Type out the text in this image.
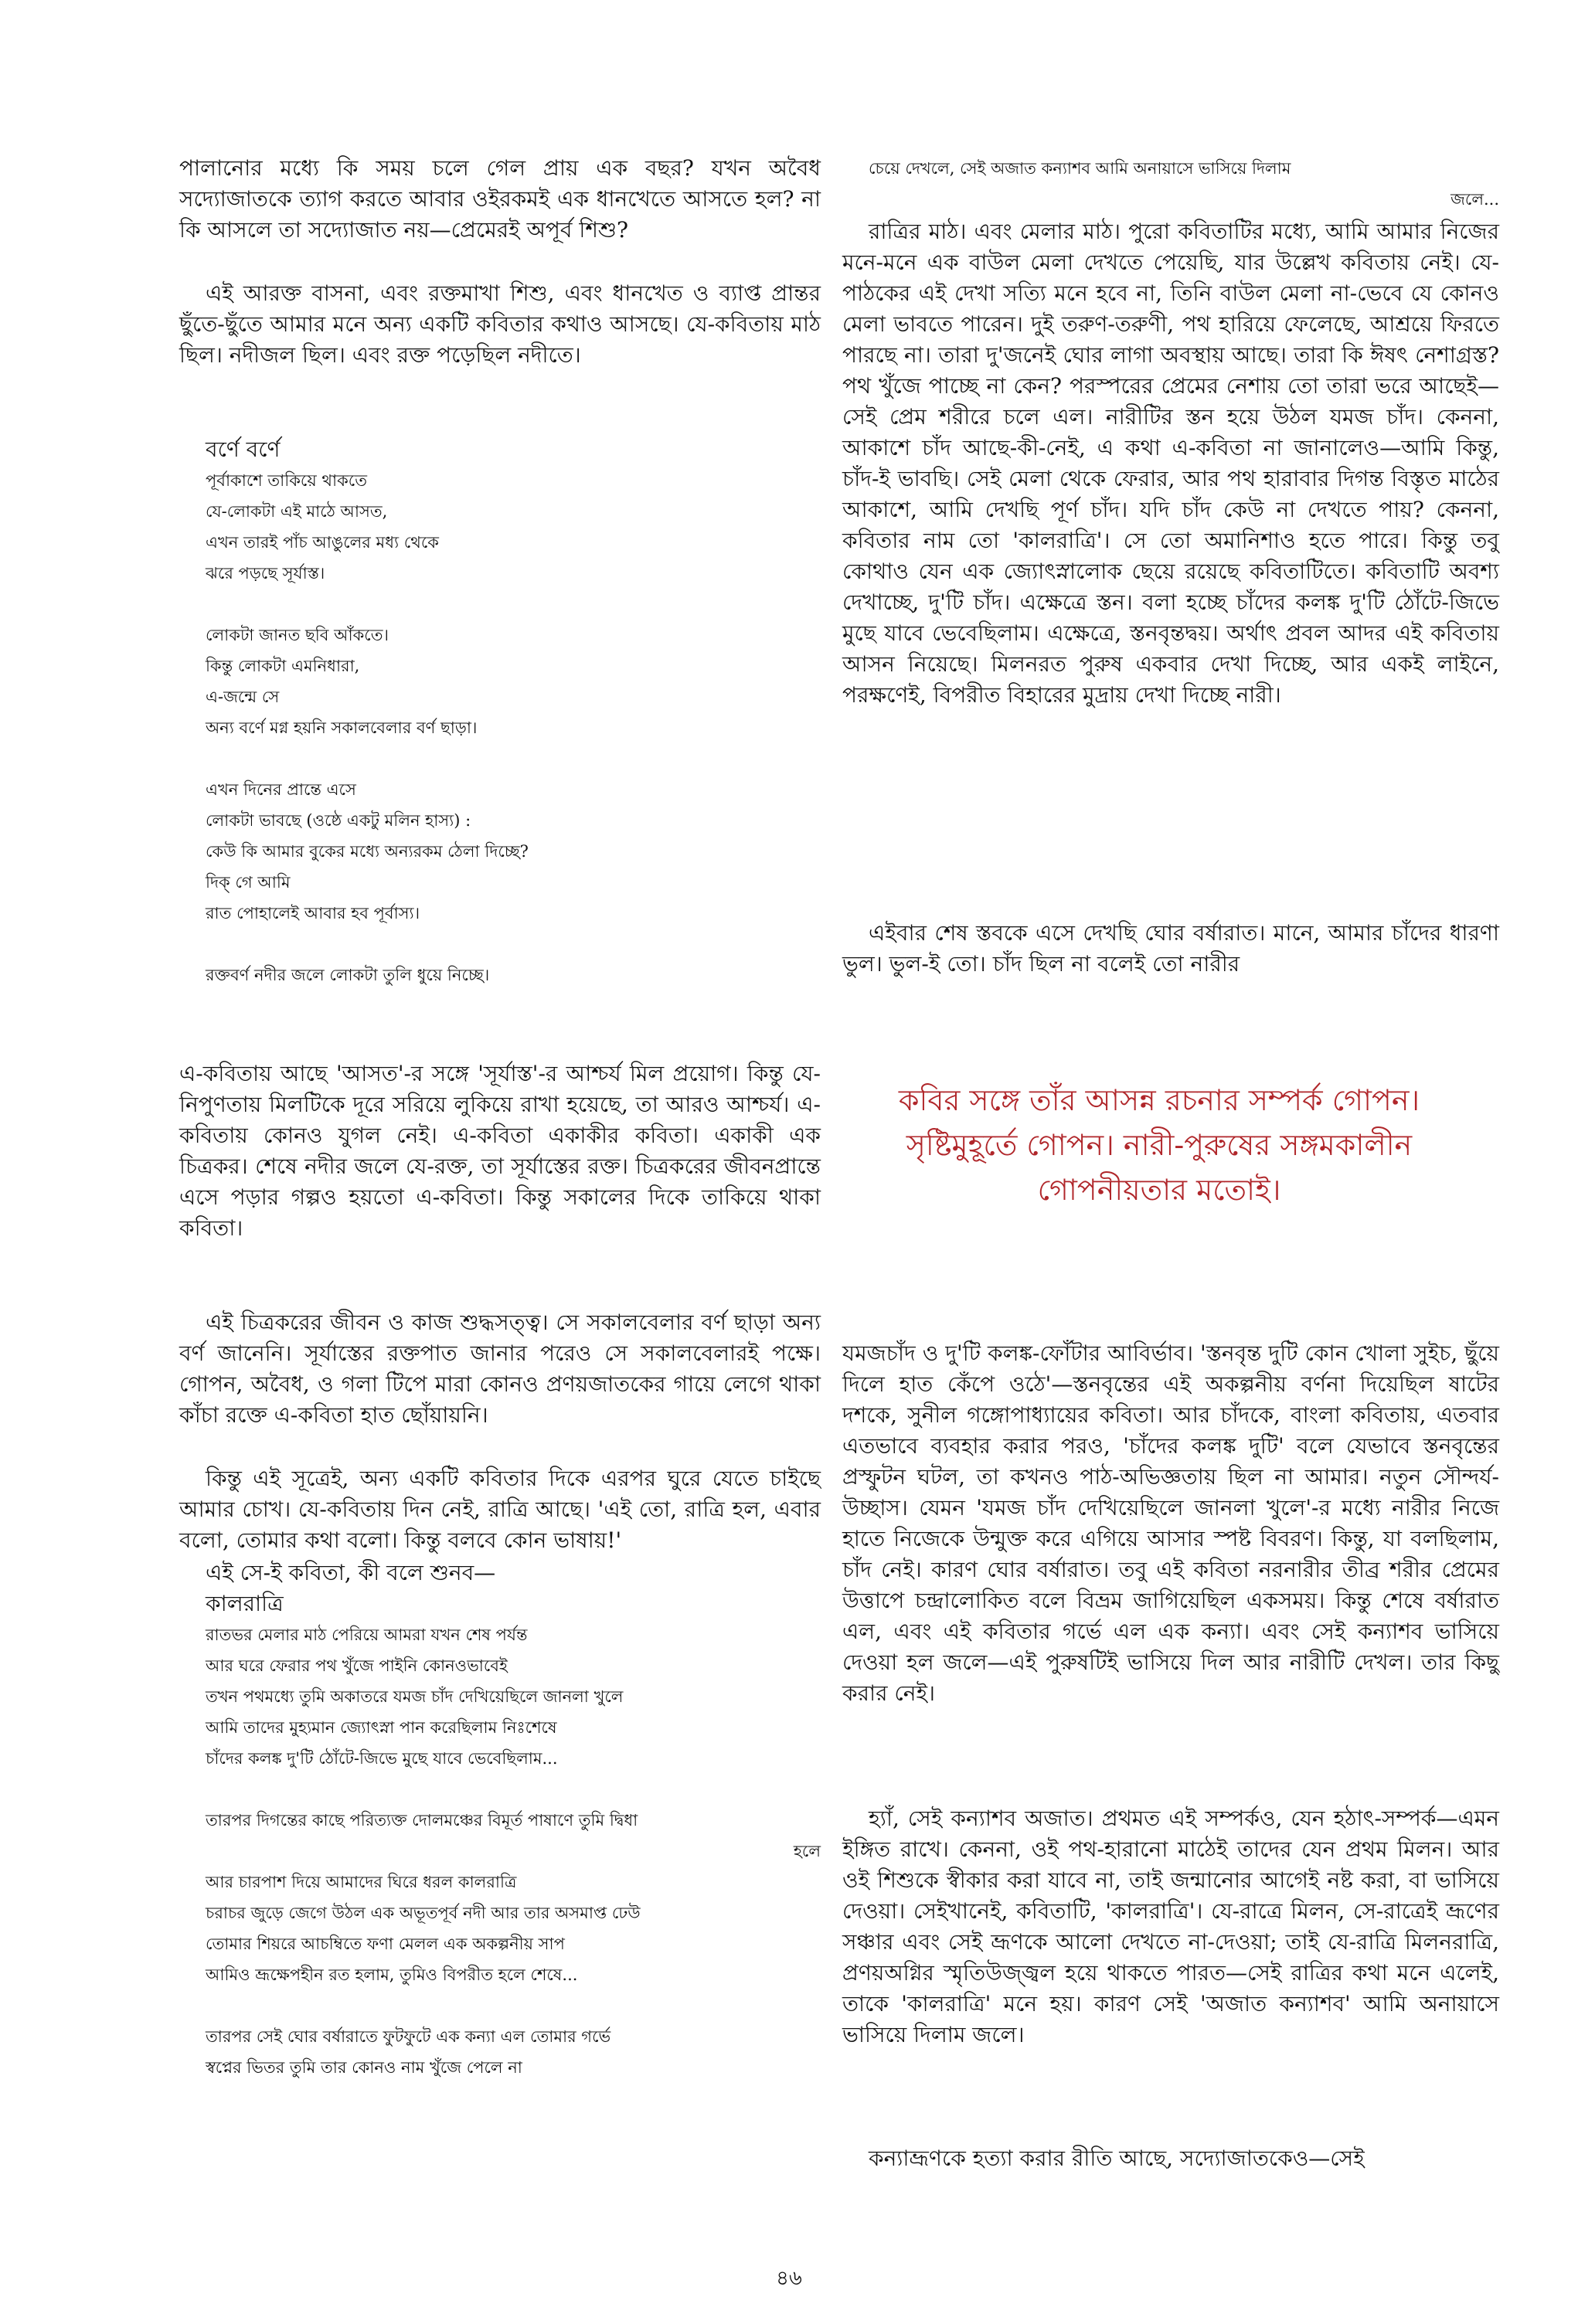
পালানোর মধ্যে কি সময় চলে গেল প্রায় এক বছর? যখন অবৈধ সদ্যোজাতকে ত্যাগ করতে আবার ওইরকমই এক ধানখেতে আসতে হল? না কি আসলে তা সদ্যোজাত নয়—প্রেমেরই অপূর্ব শিশু?

এই আরক্ত বাসনা, এবং রক্তমাখা শিশু, এবং ধানখেত ও ব্যাপ্ত প্রান্তর ছুঁতে-ছুঁতে আমার মনে অন্য একটি কবিতার কথাও আসছে। যে-কবিতায় মাঠ ছিল। নদীজল ছিল। এবং রক্ত পড়েছিল নদীতে।

বর্ণে বর্ণে
পূর্বাকাশে তাকিয়ে থাকতে
যে-লোকটা এই মাঠে আসত,
এখন তারই পাঁচ আঙুলের মধ্য থেকে
ঝরে পড়ছে সূর্যাস্ত।
লোকটা জানত ছবি আঁকতে।
কিন্তু লোকটা এমনিধারা,
এ-জন্মে সে
অন্য বর্ণে মগ্ন হয়নি সকালবেলার বর্ণ ছাড়া।
এখন দিনের প্রান্তে এসে
লোকটা ভাবছে (ওষ্ঠে একটু মলিন হাস্য) :
কেউ কি আমার বুকের মধ্যে অন্যরকম ঠেলা দিচ্ছে?
দিক্‌ গে আমি
রাত পোহালেই আবার হব পূর্বাস্য।
রক্তবর্ণ নদীর জলে লোকটা তুলি ধুয়ে নিচ্ছে।

এ-কবিতায় আছে 'আসত'-র সঙ্গে 'সূর্যাস্ত'-র আশ্চর্য মিল প্রয়োগ। কিন্তু যে-নিপুণতায় মিলটিকে দূরে সরিয়ে লুকিয়ে রাখা হয়েছে, তা আরও আশ্চর্য। এ-কবিতায় কোনও যুগল নেই। এ-কবিতা একাকীর কবিতা। একাকী এক চিত্রকর। শেষে নদীর জলে যে-রক্ত, তা সূর্যাস্তের রক্ত। চিত্রকরের জীবনপ্রান্তে এসে পড়ার গল্পও হয়তো এ-কবিতা। কিন্তু সকালের দিকে তাকিয়ে থাকা কবিতা।

এই চিত্রকরের জীবন ও কাজ শুদ্ধসত্ত্ব। সে সকালবেলার বর্ণ ছাড়া অন্য বর্ণ জানেনি। সূর্যাস্তের রক্তপাত জানার পরেও সে সকালবেলারই পক্ষে। গোপন, অবৈধ, ও গলা টিপে মারা কোনও প্রণয়জাতকের গায়ে লেগে থাকা কাঁচা রক্তে এ-কবিতা হাত ছোঁয়ায়নি।

কিন্তু এই সূত্রেই, অন্য একটি কবিতার দিকে এরপর ঘুরে যেতে চাইছে আমার চোখ। যে-কবিতায় দিন নেই, রাত্রি আছে। 'এই তো, রাত্রি হল, এবার বলো, তোমার কথা বলো। কিন্তু বলবে কোন ভাষায়!'

এই সে-ই কবিতা, কী বলে শুনব—

কালরাত্রি
রাতভর মেলার মাঠ পেরিয়ে আমরা যখন শেষ পর্যন্ত
আর ঘরে ফেরার পথ খুঁজে পাইনি কোনওভাবেই
তখন পথমধ্যে তুমি অকাতরে যমজ চাঁদ দেখিয়েছিলে জানলা খুলে
আমি তাদের মুহ্যমান জ্যোৎস্না পান করেছিলাম নিঃশেষে
চাঁদের কলঙ্ক দু'টি ঠোঁটে-জিভে মুছে যাবে ভেবেছিলাম...
তারপর দিগন্তের কাছে পরিত্যক্ত দোলমঞ্চের বিমূর্ত পাষাণে তুমি দ্বিধা
হলে
আর চারপাশ দিয়ে আমাদের ঘিরে ধরল কালরাত্রি
চরাচর জুড়ে জেগে উঠল এক অভূতপূর্ব নদী আর তার অসমাপ্ত ঢেউ
তোমার শিয়রে আচম্বিতে ফণা মেলল এক অকল্পনীয় সাপ
আমিও ভ্রূক্ষেপহীন রত হলাম, তুমিও বিপরীত হলে শেষে...
তারপর সেই ঘোর বর্ষারাতে ফুটফুটে এক কন্যা এল তোমার গর্ভে
স্বপ্নের ভিতর তুমি তার কোনও নাম খুঁজে পেলে না
চেয়ে দেখলে, সেই অজাত কন্যাশব আমি অনায়াসে ভাসিয়ে দিলাম
জলে...

রাত্রির মাঠ। এবং মেলার মাঠ। পুরো কবিতাটির মধ্যে, আমি আমার নিজের মনে-মনে এক বাউল মেলা দেখতে পেয়েছি, যার উল্লেখ কবিতায় নেই। যে-পাঠকের এই দেখা সত্যি মনে হবে না, তিনি বাউল মেলা না-ভেবে যে কোনও মেলা ভাবতে পারেন। দুই তরুণ-তরুণী, পথ হারিয়ে ফেলেছে, আশ্রয়ে ফিরতে পারছে না। তারা দু'জনেই ঘোর লাগা অবস্থায় আছে। তারা কি ঈষৎ নেশাগ্রস্ত? পথ খুঁজে পাচ্ছে না কেন? পরস্পরের প্রেমের নেশায় তো তারা ভরে আছেই—সেই প্রেম শরীরে চলে এল। নারীটির স্তন হয়ে উঠল যমজ চাঁদ। কেননা, আকাশে চাঁদ আছে-কী-নেই, এ কথা এ-কবিতা না জানালেও—আমি কিন্তু, চাঁদ-ই ভাবছি। সেই মেলা থেকে ফেরার, আর পথ হারাবার দিগন্ত বিস্তৃত মাঠের আকাশে, আমি দেখছি পূর্ণ চাঁদ। যদি চাঁদ কেউ না দেখতে পায়? কেননা, কবিতার নাম তো 'কালরাত্রি'। সে তো অমানিশাও হতে পারে। কিন্তু তবু কোথাও যেন এক জ্যোৎস্নালোক ছেয়ে রয়েছে কবিতাটিতে। কবিতাটি অবশ্য দেখাচ্ছে, দু'টি চাঁদ। এক্ষেত্রে স্তন। বলা হচ্ছে চাঁদের কলঙ্ক দু'টি ঠোঁটে-জিভে মুছে যাবে ভেবেছিলাম। এক্ষেত্রে, স্তনবৃন্তদ্বয়। অর্থাৎ প্রবল আদর এই কবিতায় আসন নিয়েছে। মিলনরত পুরুষ একবার দেখা দিচ্ছে, আর একই লাইনে, পরক্ষণেই, বিপরীত বিহারের মুদ্রায় দেখা দিচ্ছে নারী।

এইবার শেষ স্তবকে এসে দেখছি ঘোর বর্ষারাত। মানে, আমার চাঁদের ধারণা ভুল। ভুল-ই তো। চাঁদ ছিল না বলেই তো নারীর

যমজচাঁদ ও দু'টি কলঙ্ক-ফোঁটার আবির্ভাব। 'স্তনবৃন্ত দুটি কোন খোলা সুইচ, ছুঁয়ে দিলে হাত কেঁপে ওঠে'—স্তনবৃন্তের এই অকল্পনীয় বর্ণনা দিয়েছিল ষাটের দশকে, সুনীল গঙ্গোপাধ্যায়ের কবিতা। আর চাঁদকে, বাংলা কবিতায়, এতবার এতভাবে ব্যবহার করার পরও, 'চাঁদের কলঙ্ক দুটি' বলে যেভাবে স্তনবৃন্তের প্রস্ফুটন ঘটল, তা কখনও পাঠ-অভিজ্ঞতায় ছিল না আমার। নতুন সৌন্দর্য-উচ্ছাস। যেমন 'যমজ চাঁদ দেখিয়েছিলে জানলা খুলে'-র মধ্যে নারীর নিজে হাতে নিজেকে উন্মুক্ত করে এগিয়ে আসার স্পষ্ট বিবরণ। কিন্তু, যা বলছিলাম, চাঁদ নেই। কারণ ঘোর বর্ষারাত। তবু এই কবিতা নরনারীর তীব্র শরীর প্রেমের উত্তাপে চন্দ্রালোকিত বলে বিভ্রম জাগিয়েছিল একসময়। কিন্তু শেষে বর্ষারাত এল, এবং এই কবিতার গর্ভে এল এক কন্যা। এবং সেই কন্যাশব ভাসিয়ে দেওয়া হল জলে—এই পুরুষটিই ভাসিয়ে দিল আর নারীটি দেখল। তার কিছু করার নেই।

হ্যাঁ, সেই কন্যাশব অজাত। প্রথমত এই সম্পর্কও, যেন হঠাৎ-সম্পর্ক—এমন ইঙ্গিত রাখে। কেননা, ওই পথ-হারানো মাঠেই তাদের যেন প্রথম মিলন। আর ওই শিশুকে স্বীকার করা যাবে না, তাই জন্মানোর আগেই নষ্ট করা, বা ভাসিয়ে দেওয়া। সেইখানেই, কবিতাটি, 'কালরাত্রি'। যে-রাত্রে মিলন, সে-রাত্রেই ভ্রূণের সঞ্চার এবং সেই ভ্রূণকে আলো দেখতে না-দেওয়া; তাই যে-রাত্রি মিলনরাত্রি, প্রণয়অগ্নির স্মৃতিউজ্জ্বল হয়ে থাকতে পারত—সেই রাত্রির কথা মনে এলেই, তাকে 'কালরাত্রি' মনে হয়। কারণ সেই 'অজাত কন্যাশব' আমি অনায়াসে ভাসিয়ে দিলাম জলে।

কন্যাভ্রূণকে হত্যা করার রীতি আছে, সদ্যোজাতকেও—সেই

কবির সঙ্গে তাঁর আসন্ন রচনার সম্পর্ক গোপন। সৃষ্টিমুহূর্তে গোপন। নারী-পুরুষের সঙ্গমকালীন গোপনীয়তার মতোই।
৪৬
